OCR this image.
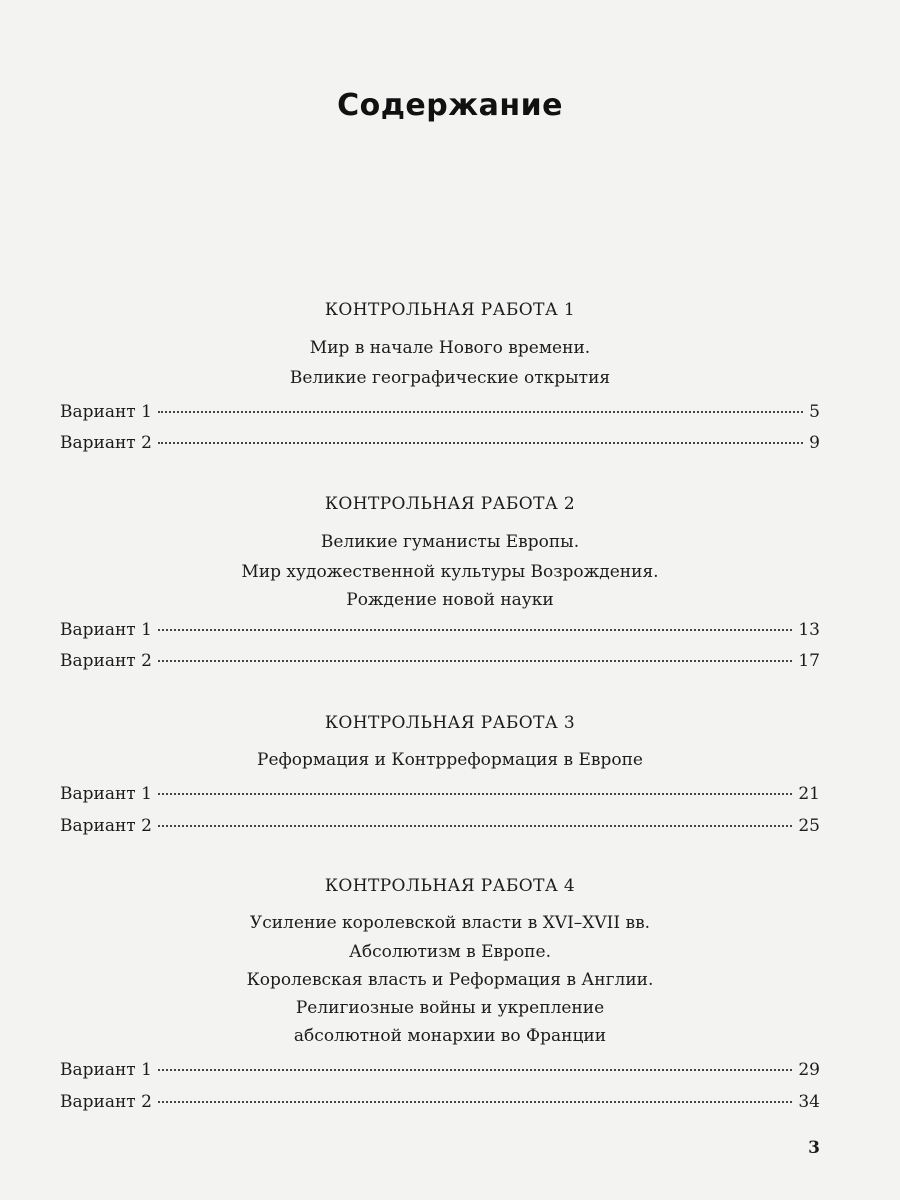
Содержание
КОНТРОЛЬНАЯ РАБОТА 1
Мир в начале Нового времени.
Великие географические открытия
Вариант 1	5
Вариант 2	9
КОНТРОЛЬНАЯ РАБОТА 2
Великие гуманисты Европы.
Мир художественной культуры Возрождения.
Рождение новой науки
Вариант 1	13
Вариант 2	17
КОНТРОЛЬНАЯ РАБОТА 3
Реформация и Контрреформация в Европе
Вариант 1	21
Вариант 2	25
КОНТРОЛЬНАЯ РАБОТА 4
Усиление королевской власти в XVI–XVII вв.
Абсолютизм в Европе.
Королевская власть и Реформация в Англии.
Религиозные войны и укрепление
абсолютной монархии во Франции
Вариант 1	29
Вариант 2	34
3
